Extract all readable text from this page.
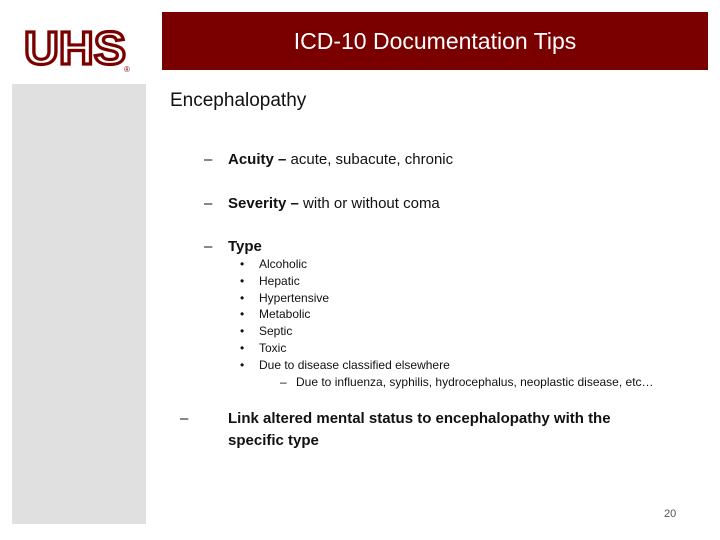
UHS
®
ICD-10 Documentation Tips
Encephalopathy
– Acuity – acute, subacute, chronic
– Severity – with or without coma
– Type
• Alcoholic
• Hepatic
• Hypertensive
• Metabolic
• Septic
• Toxic
• Due to disease classified elsewhere
– Due to influenza, syphilis, hydrocephalus, neoplastic disease, etc…
–	Link altered mental status to encephalopathy with the specific type
20
